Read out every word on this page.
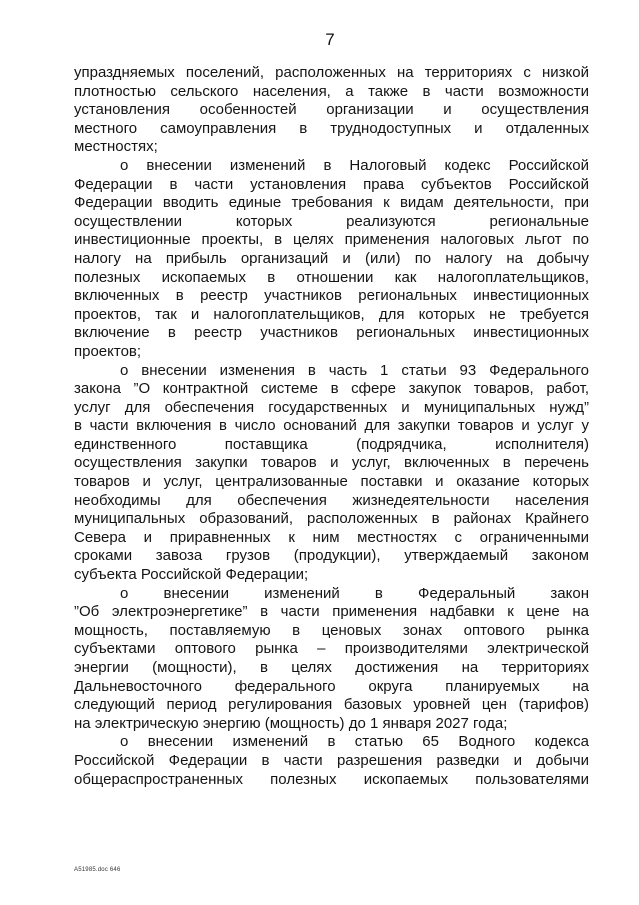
7
упраздняемых поселений, расположенных на территориях с низкой
плотностью сельского населения, а также в части возможности
установления особенностей организации и осуществления
местного самоуправления в труднодоступных и отдаленных
местностях;
о внесении изменений в Налоговый кодекс Российской
Федерации в части установления права субъектов Российской
Федерации вводить единые требования к видам деятельности, при
осуществлении которых реализуются региональные
инвестиционные проекты, в целях применения налоговых льгот по
налогу на прибыль организаций и (или) по налогу на добычу
полезных ископаемых в отношении как налогоплательщиков,
включенных в реестр участников региональных инвестиционных
проектов, так и налогоплательщиков, для которых не требуется
включение в реестр участников региональных инвестиционных
проектов;
о внесении изменения в часть 1 статьи 93 Федерального
закона ”О контрактной системе в сфере закупок товаров, работ,
услуг для обеспечения государственных и муниципальных нужд”
в части включения в число оснований для закупки товаров и услуг у
единственного поставщика (подрядчика, исполнителя)
осуществления закупки товаров и услуг, включенных в перечень
товаров и услуг, централизованные поставки и оказание которых
необходимы для обеспечения жизнедеятельности населения
муниципальных образований, расположенных в районах Крайнего
Севера и приравненных к ним местностях с ограниченными
сроками завоза грузов (продукции), утверждаемый законом
субъекта Российской Федерации;
о внесении изменений в Федеральный закон
”Об электроэнергетике” в части применения надбавки к цене на
мощность, поставляемую в ценовых зонах оптового рынка
субъектами оптового рынка – производителями электрической
энергии (мощности), в целях достижения на территориях
Дальневосточного федерального округа планируемых на
следующий период регулирования базовых уровней цен (тарифов)
на электрическую энергию (мощность) до 1 января 2027 года;
о внесении изменений в статью 65 Водного кодекса
Российской Федерации в части разрешения разведки и добычи
общераспространенных полезных ископаемых пользователями
A51985.doc 646
